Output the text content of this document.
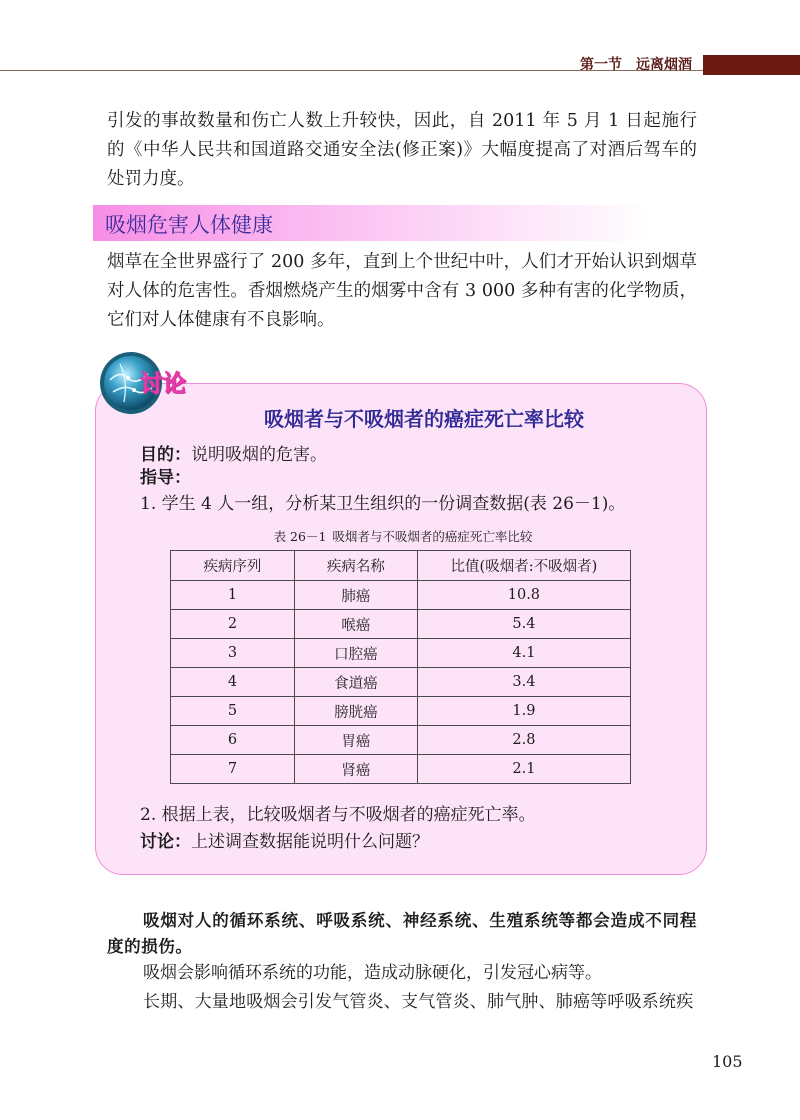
第一节 远离烟酒

引发的事故数量和伤亡人数上升较快，因此，自 2011 年 5 月 1 日起施行的《中华人民共和国道路交通安全法(修正案)》大幅度提高了对酒后驾车的处罚力度。

吸烟危害人体健康

烟草在全世界盛行了 200 多年，直到上个世纪中叶，人们才开始认识到烟草对人体的危害性。香烟燃烧产生的烟雾中含有 3 000 多种有害的化学物质，它们对人体健康有不良影响。

讨论
吸烟者与不吸烟者的癌症死亡率比较
目的：说明吸烟的危害。
指导：
1. 学生 4 人一组，分析某卫生组织的一份调查数据(表 26－1)。
表 26－1 吸烟者与不吸烟者的癌症死亡率比较
疾病序列	疾病名称	比值(吸烟者:不吸烟者)
1	肺癌	10.8
2	喉癌	5.4
3	口腔癌	4.1
4	食道癌	3.4
5	膀胱癌	1.9
6	胃癌	2.8
7	肾癌	2.1
2. 根据上表，比较吸烟者与不吸烟者的癌症死亡率。
讨论：上述调查数据能说明什么问题？

吸烟对人的循环系统、呼吸系统、神经系统、生殖系统等都会造成不同程度的损伤。

吸烟会影响循环系统的功能，造成动脉硬化，引发冠心病等。

长期、大量地吸烟会引发气管炎、支气管炎、肺气肿、肺癌等呼吸系统疾

105
